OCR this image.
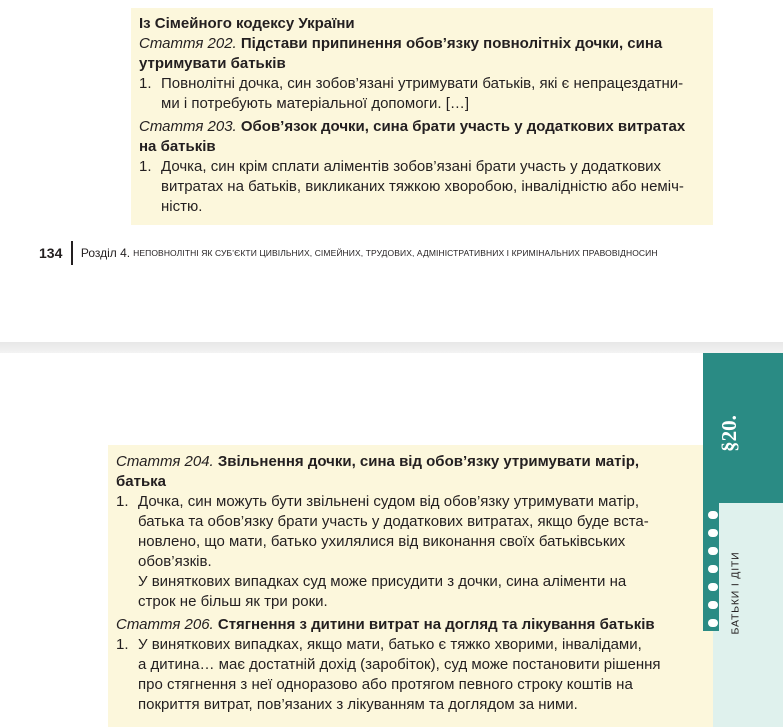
Із Сімейного кодексу України
Стаття 202. Підстави припинення обов’язку повнолітніх дочки, сина
утримувати батьків
1. Повнолітні дочка, син зобов’язані утримувати батьків, які є непрацездатни-
ми і потребують матеріальної допомоги. […]
Стаття 203. Обов’язок дочки, сина брати участь у додаткових витратах
на батьків
1. Дочка, син крім сплати аліментів зобов’язані брати участь у додаткових
витратах на батьків, викликаних тяжкою хворобою, інвалідністю або неміч-
ністю.
134 Розділ 4. НЕПОВНОЛІТНІ ЯК СУБ’ЄКТИ ЦИВІЛЬНИХ, СІМЕЙНИХ, ТРУДОВИХ, АДМІНІСТРАТИВНИХ І КРИМІНАЛЬНИХ ПРАВОВІДНОСИН
Стаття 204. Звільнення дочки, сина від обов’язку утримувати матір,
батька
1. Дочка, син можуть бути звільнені судом від обов’язку утримувати матір,
батька та обов’язку брати участь у додаткових витратах, якщо буде вста-
новлено, що мати, батько ухилялися від виконання своїх батьківських
обов’язків.
У виняткових випадках суд може присудити з дочки, сина аліменти на
строк не більш як три роки.
Стаття 206. Стягнення з дитини витрат на догляд та лікування батьків
1. У виняткових випадках, якщо мати, батько є тяжко хворими, інвалідами,
а дитина… має достатній дохід (заробіток), суд може постановити рішення
про стягнення з неї одноразово або протягом певного строку коштів на
покриття витрат, пов’язаних з лікуванням та доглядом за ними.
§20.
БАТЬКИ І ДІТИ
